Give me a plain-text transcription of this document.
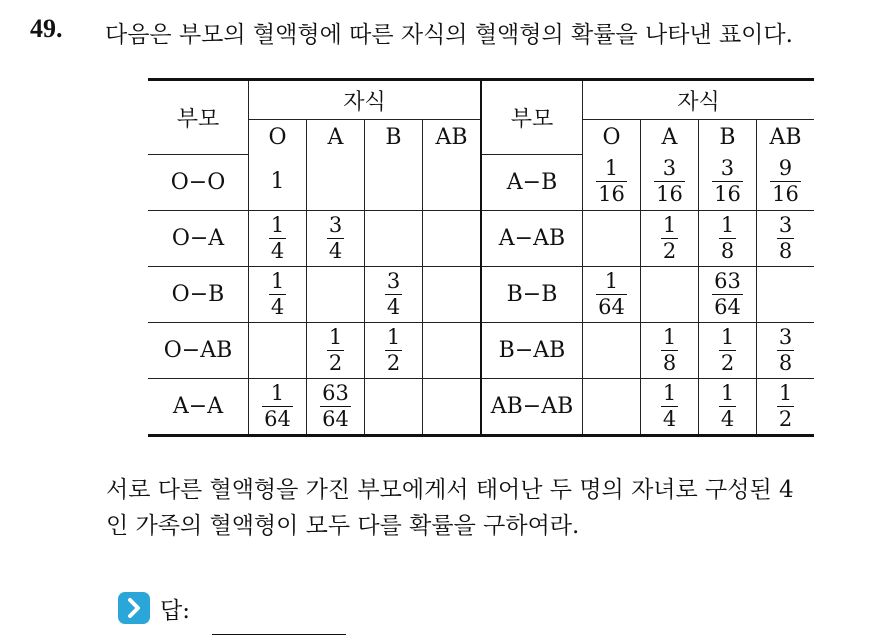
49. 다음은 부모의 혈액형에 따른 자식의 혈액형의 확률을 나타낸 표이다.
부모	자식				부모	자식			
	O	A	B	AB		O	A	B	AB
O−O	1				A−B	$\frac{1}{16}$	$\frac{3}{16}$	$\frac{3}{16}$	$\frac{9}{16}$

O−A	$\frac{1}{4}$	$\frac{3}{4}$			A−AB		$\frac{1}{2}$	$\frac{1}{8}$	$\frac{3}{8}$

O−B	$\frac{1}{4}$		$\frac{3}{4}$		B−B	$\frac{1}{64}$		$\frac{63}{64}$

O−AB		$\frac{1}{2}$	$\frac{1}{2}$		B−AB		$\frac{1}{8}$	$\frac{1}{2}$	$\frac{3}{8}$

A−A	$\frac{1}{64}$	$\frac{63}{64}$			AB−AB		$\frac{1}{4}$	$\frac{1}{4}$	$\frac{1}{2}$
서로 다른 혈액형을 가진 부모에게서 태어난 두 명의 자녀로 구성된 4
인 가족의 혈액형이 모두 다를 확률을 구하여라.
답:
